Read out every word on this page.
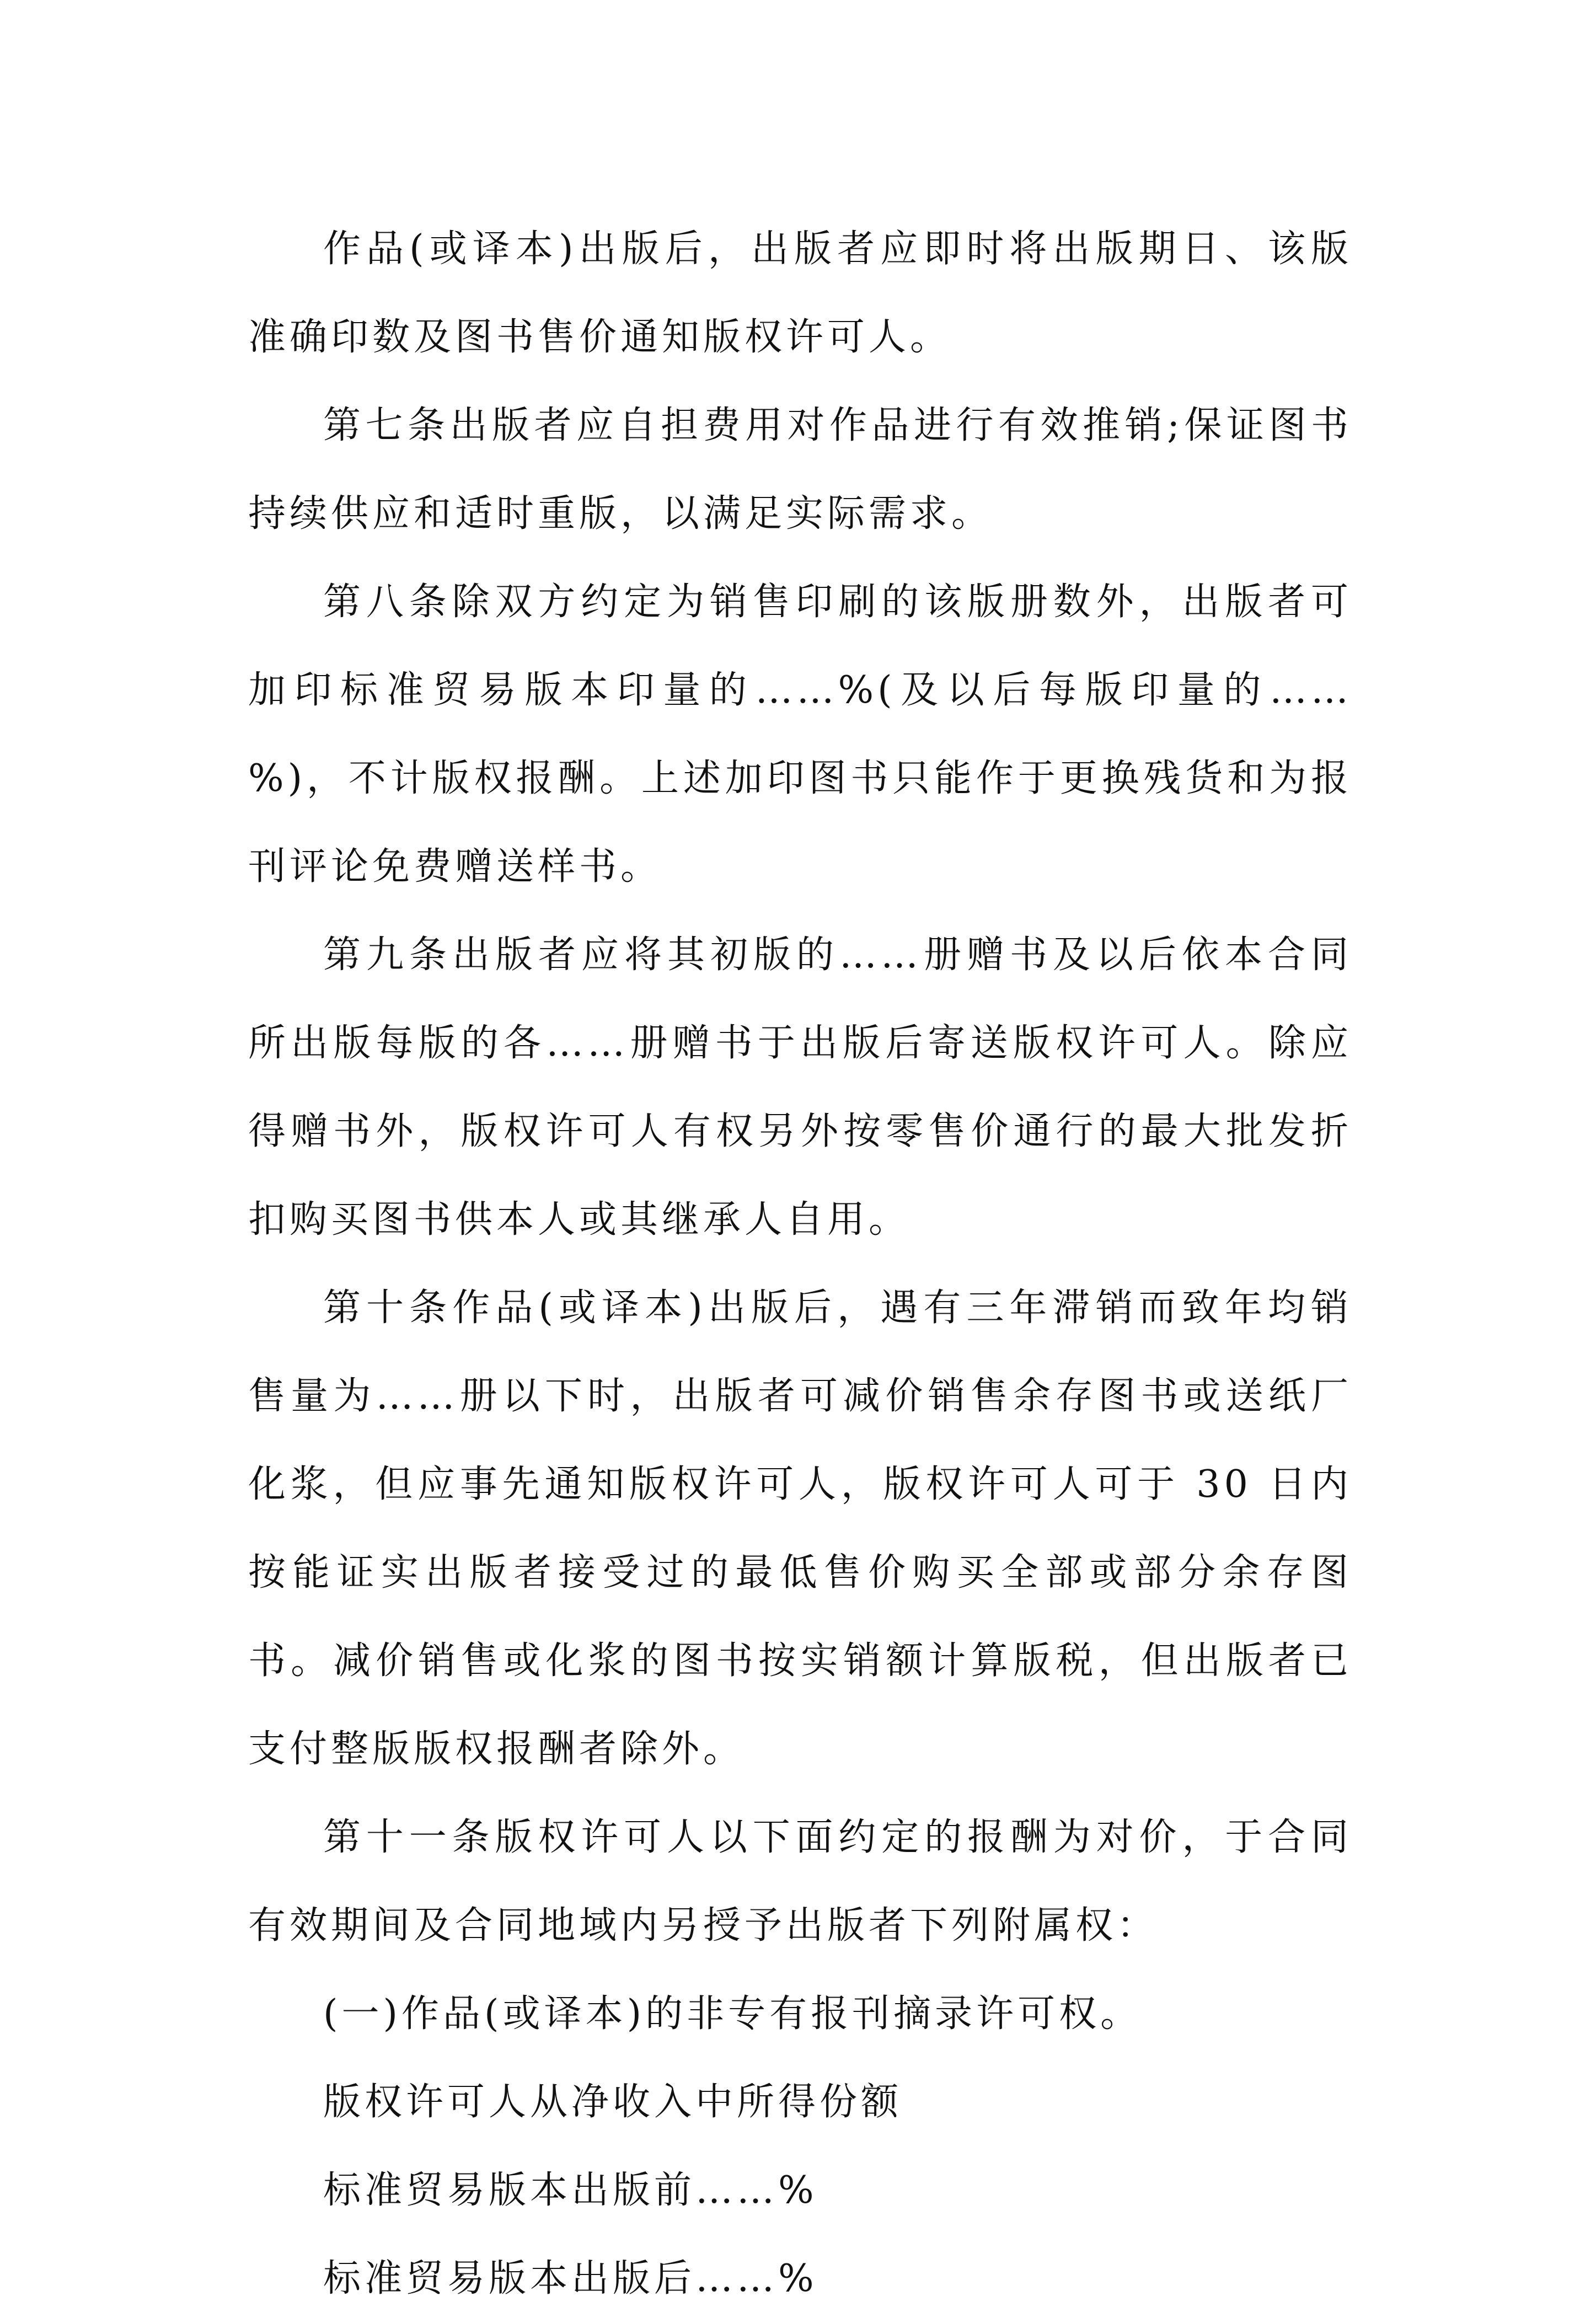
作品(或译本)出版后，出版者应即时将出版期日、该版准确印数及图书售价通知版权许可人。

第七条出版者应自担费用对作品进行有效推销;保证图书持续供应和适时重版，以满足实际需求。

第八条除双方约定为销售印刷的该版册数外，出版者可加印标准贸易版本印量的……%(及以后每版印量的……%)，不计版权报酬。上述加印图书只能作于更换残货和为报刊评论免费赠送样书。

第九条出版者应将其初版的……册赠书及以后依本合同所出版每版的各……册赠书于出版后寄送版权许可人。除应得赠书外，版权许可人有权另外按零售价通行的最大批发折扣购买图书供本人或其继承人自用。

第十条作品(或译本)出版后，遇有三年滞销而致年均销售量为……册以下时，出版者可减价销售余存图书或送纸厂化浆，但应事先通知版权许可人，版权许可人可于 30 日内按能证实出版者接受过的最低售价购买全部或部分余存图书。减价销售或化浆的图书按实销额计算版税，但出版者已支付整版版权报酬者除外。

第十一条版权许可人以下面约定的报酬为对价，于合同有效期间及合同地域内另授予出版者下列附属权：

(一)作品(或译本)的非专有报刊摘录许可权。

版权许可人从净收入中所得份额

标准贸易版本出版前……%

标准贸易版本出版后……%
